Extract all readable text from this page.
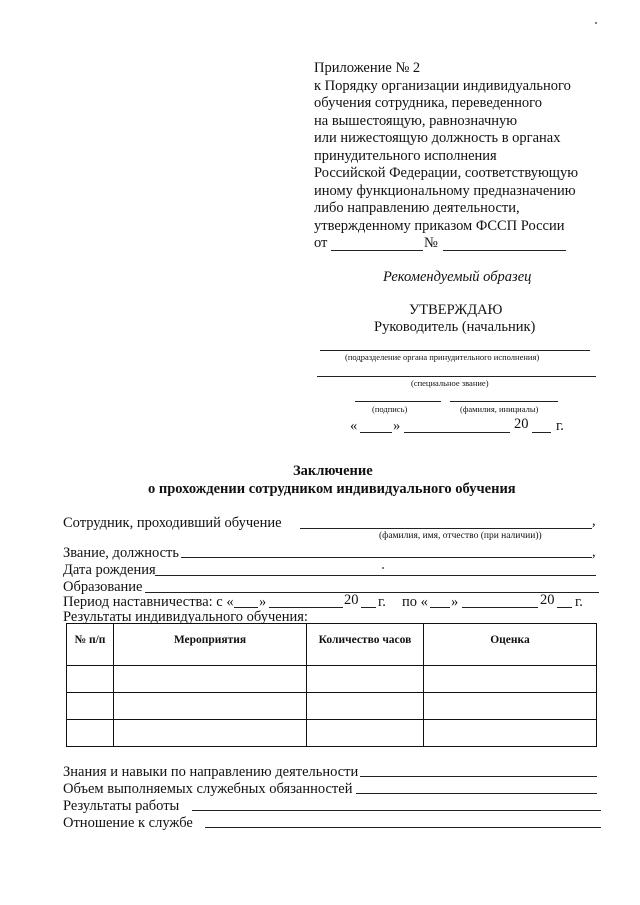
Приложение № 2
к Порядку организации индивидуального
обучения сотрудника, переведенного
на вышестоящую, равнозначную
или нижестоящую должность в органах
принудительного исполнения
Российской Федерации, соответствующую
иному функциональному предназначению
либо направлению деятельности,
утвержденному приказом ФССП России
от	№
Рекомендуемый образец
УТВЕРЖДАЮ
Руководитель (начальник)
(подразделение органа принудительного исполнения)
(специальное звание)
(подпись)	(фамилия, инициалы)
« »	20 г.
Заключение
о прохождении сотрудником индивидуального обучения
Сотрудник, проходивший обучение	,
(фамилия, имя, отчество (при наличии))
Звание, должность	,
Дата рождения
Образование
Период наставничества: с « »	20 г. по « »	20 г.
Результаты индивидуального обучения:
№ п/п	Мероприятия	Количество часов	Оценка

Знания и навыки по направлению деятельности
Объем выполняемых служебных обязанностей
Результаты работы
Отношение к службе
